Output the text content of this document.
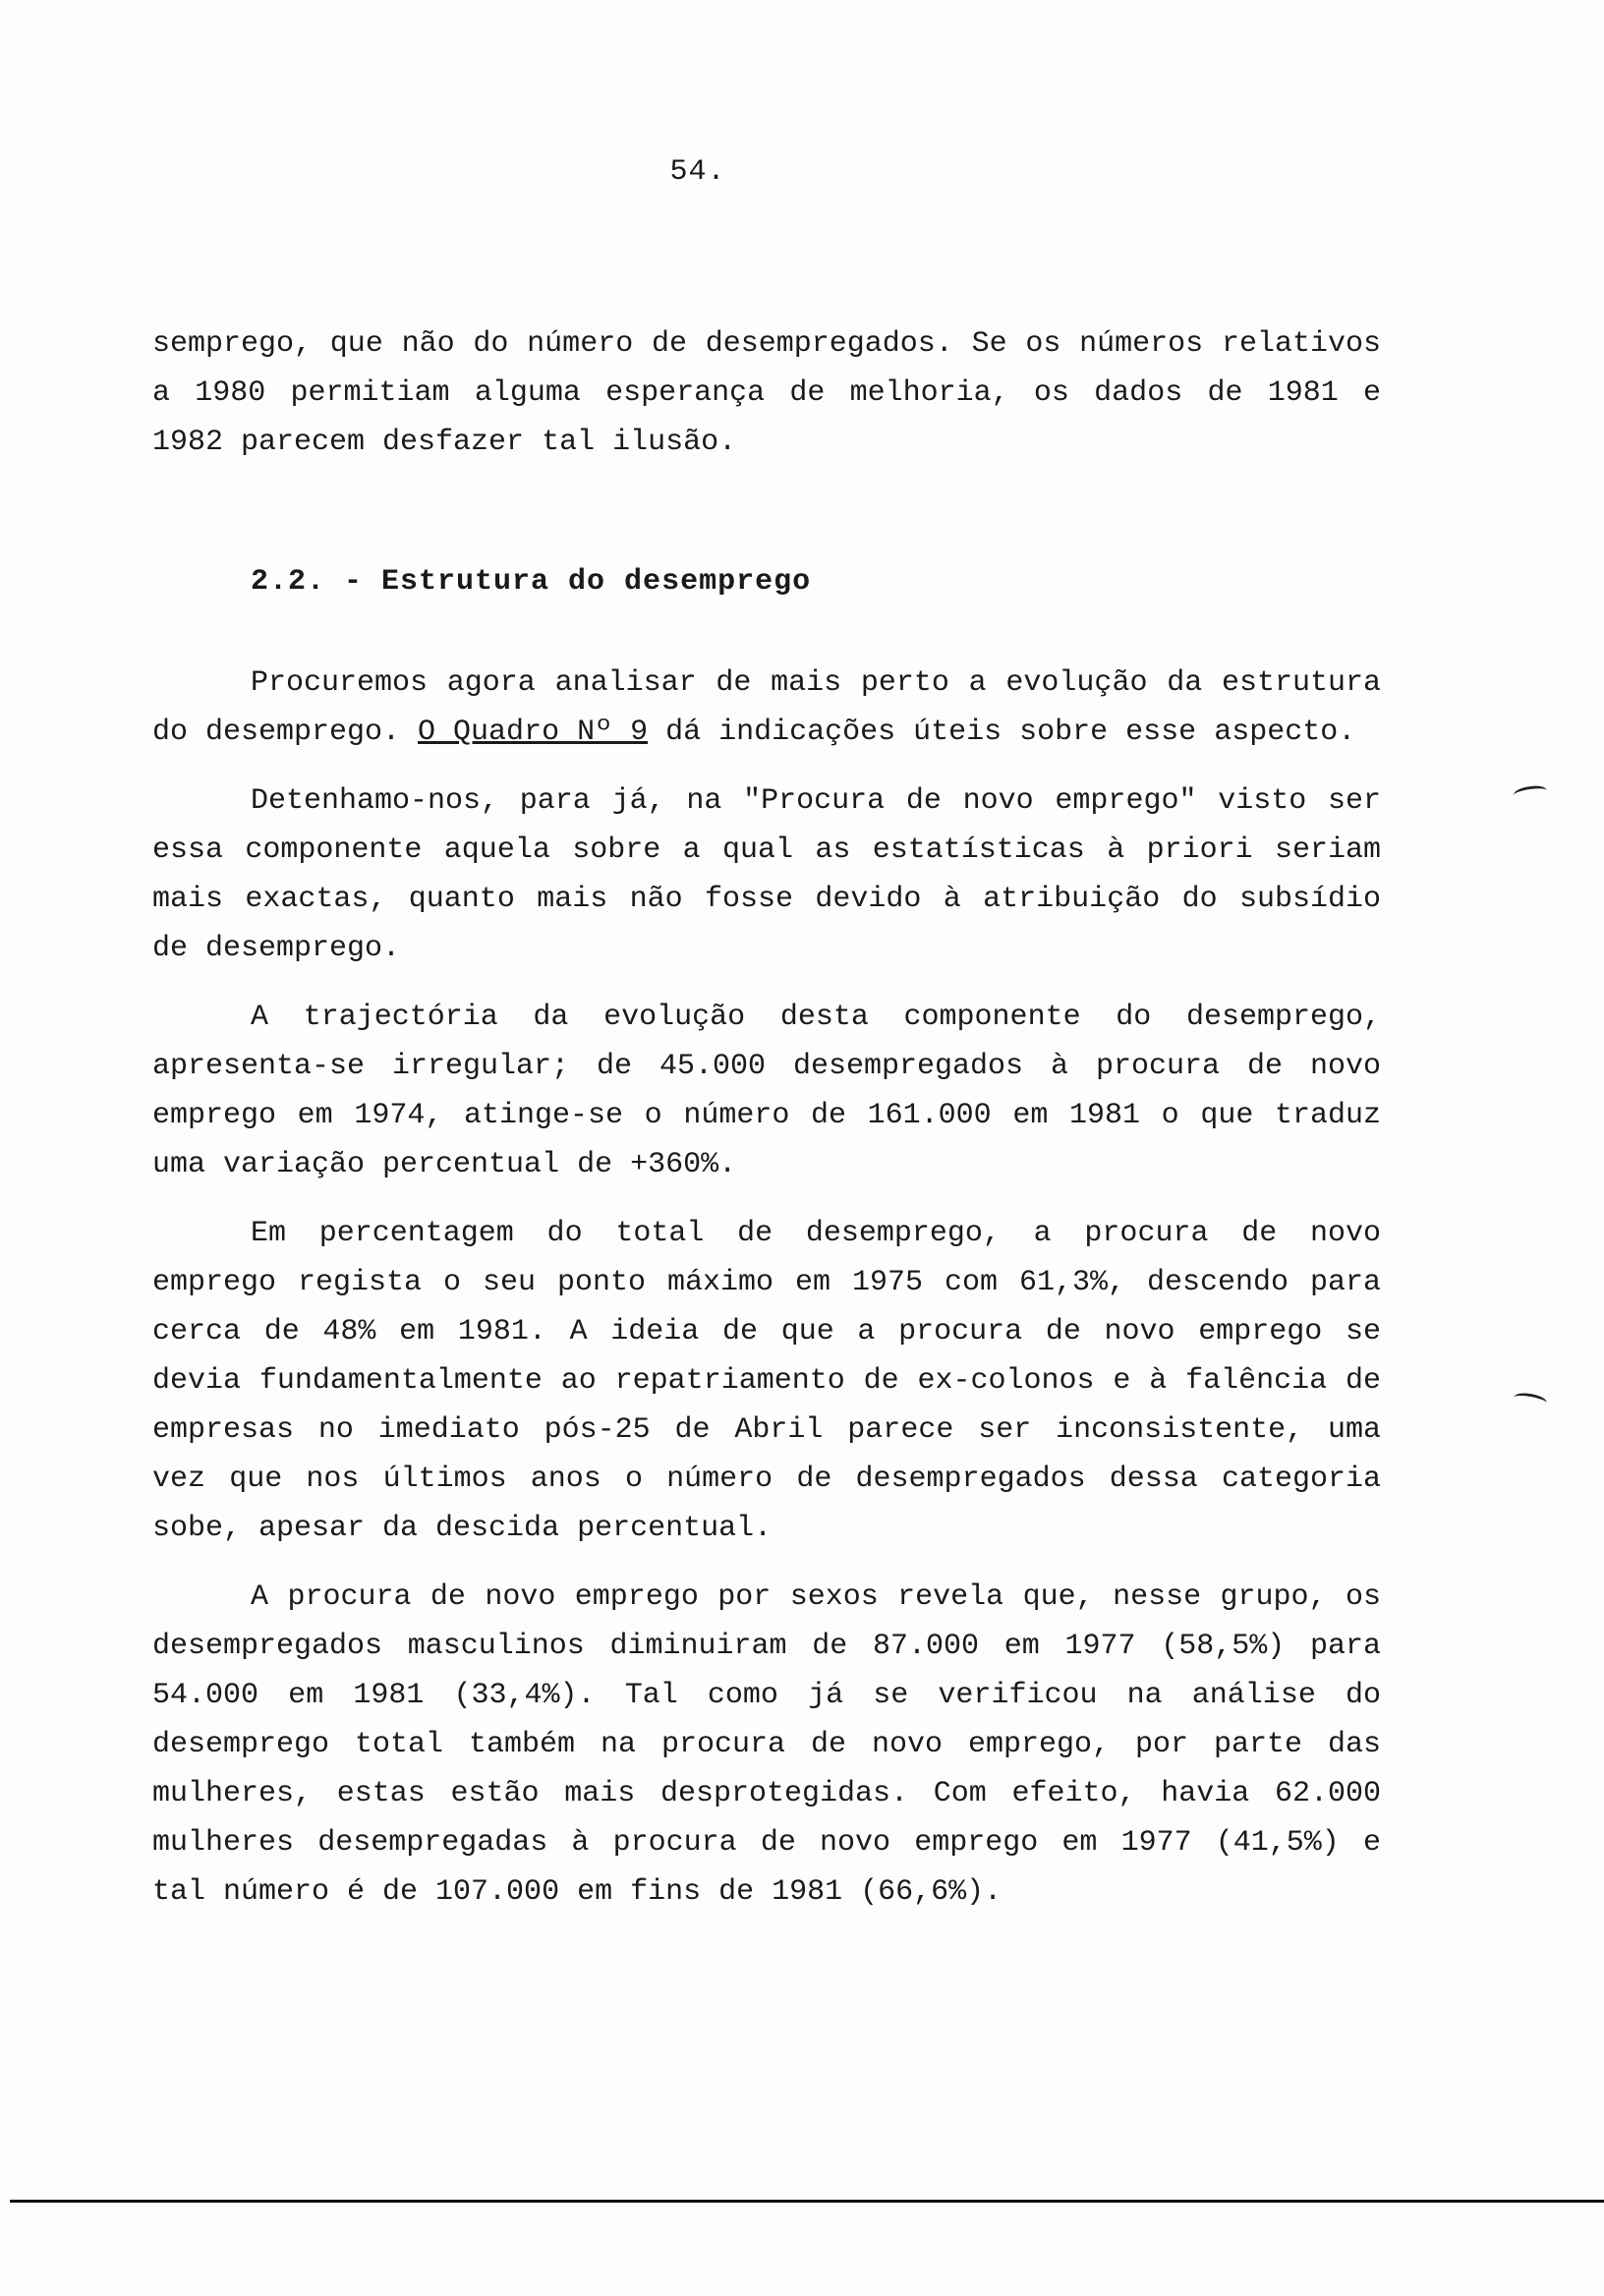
54.

semprego, que não do número de desempregados. Se os números relativos a 1980 permitiam alguma esperança de melhoria, os dados de 1981 e 1982 parecem desfazer tal ilusão.

2.2. - Estrutura do desemprego

Procuremos agora analisar de mais perto a evolução da estrutura do desemprego. O Quadro Nº 9 dá indicações úteis sobre esse aspecto.

Detenhamo-nos, para já, na "Procura de novo emprego" visto ser essa componente aquela sobre a qual as estatísticas à priori seriam mais exactas, quanto mais não fosse devido à atribuição do subsídio de desemprego.

A trajectória da evolução desta componente do desemprego, apresenta-se irregular; de 45.000 desempregados à procura de novo emprego em 1974, atinge-se o número de 161.000 em 1981 o que traduz uma variação percentual de +360%.

Em percentagem do total de desemprego, a procura de novo emprego regista o seu ponto máximo em 1975 com 61,3%, descendo para cerca de 48% em 1981. A ideia de que a procura de novo emprego se devia fundamentalmente ao repatriamento de ex-colonos e à falência de empresas no imediato pós-25 de Abril parece ser inconsistente, uma vez que nos últimos anos o número de desempregados dessa categoria sobe, apesar da descida percentual.

A procura de novo emprego por sexos revela que, nesse grupo, os desempregados masculinos diminuiram de 87.000 em 1977 (58,5%) para 54.000 em 1981 (33,4%). Tal como já se verificou na análise do desemprego total também na procura de novo emprego, por parte das mulheres, estas estão mais desprotegidas. Com efeito, havia 62.000 mulheres desempregadas à procura de novo emprego em 1977 (41,5%) e tal número é de 107.000 em fins de 1981 (66,6%).
